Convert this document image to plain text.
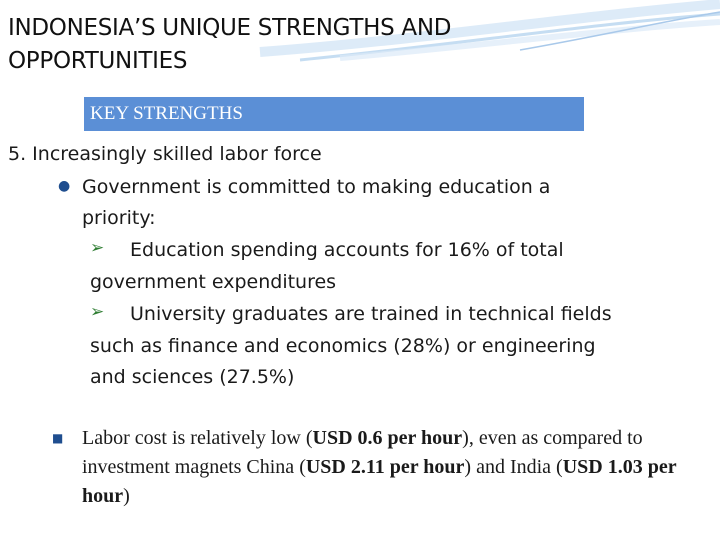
INDONESIA’S UNIQUE STRENGTHS AND OPPORTUNITIES
KEY STRENGTHS
5. Increasingly skilled labor force
● Government is committed to making education a
priority:
➢ Education spending accounts for 16% of total
government expenditures
➢ University graduates are trained in technical fields
such as finance and economics (28%) or engineering
and sciences (27.5%)
■ Labor cost is relatively low (USD 0.6 per hour), even as compared to investment magnets China (USD 2.11 per hour) and India (USD 1.03 per hour)
